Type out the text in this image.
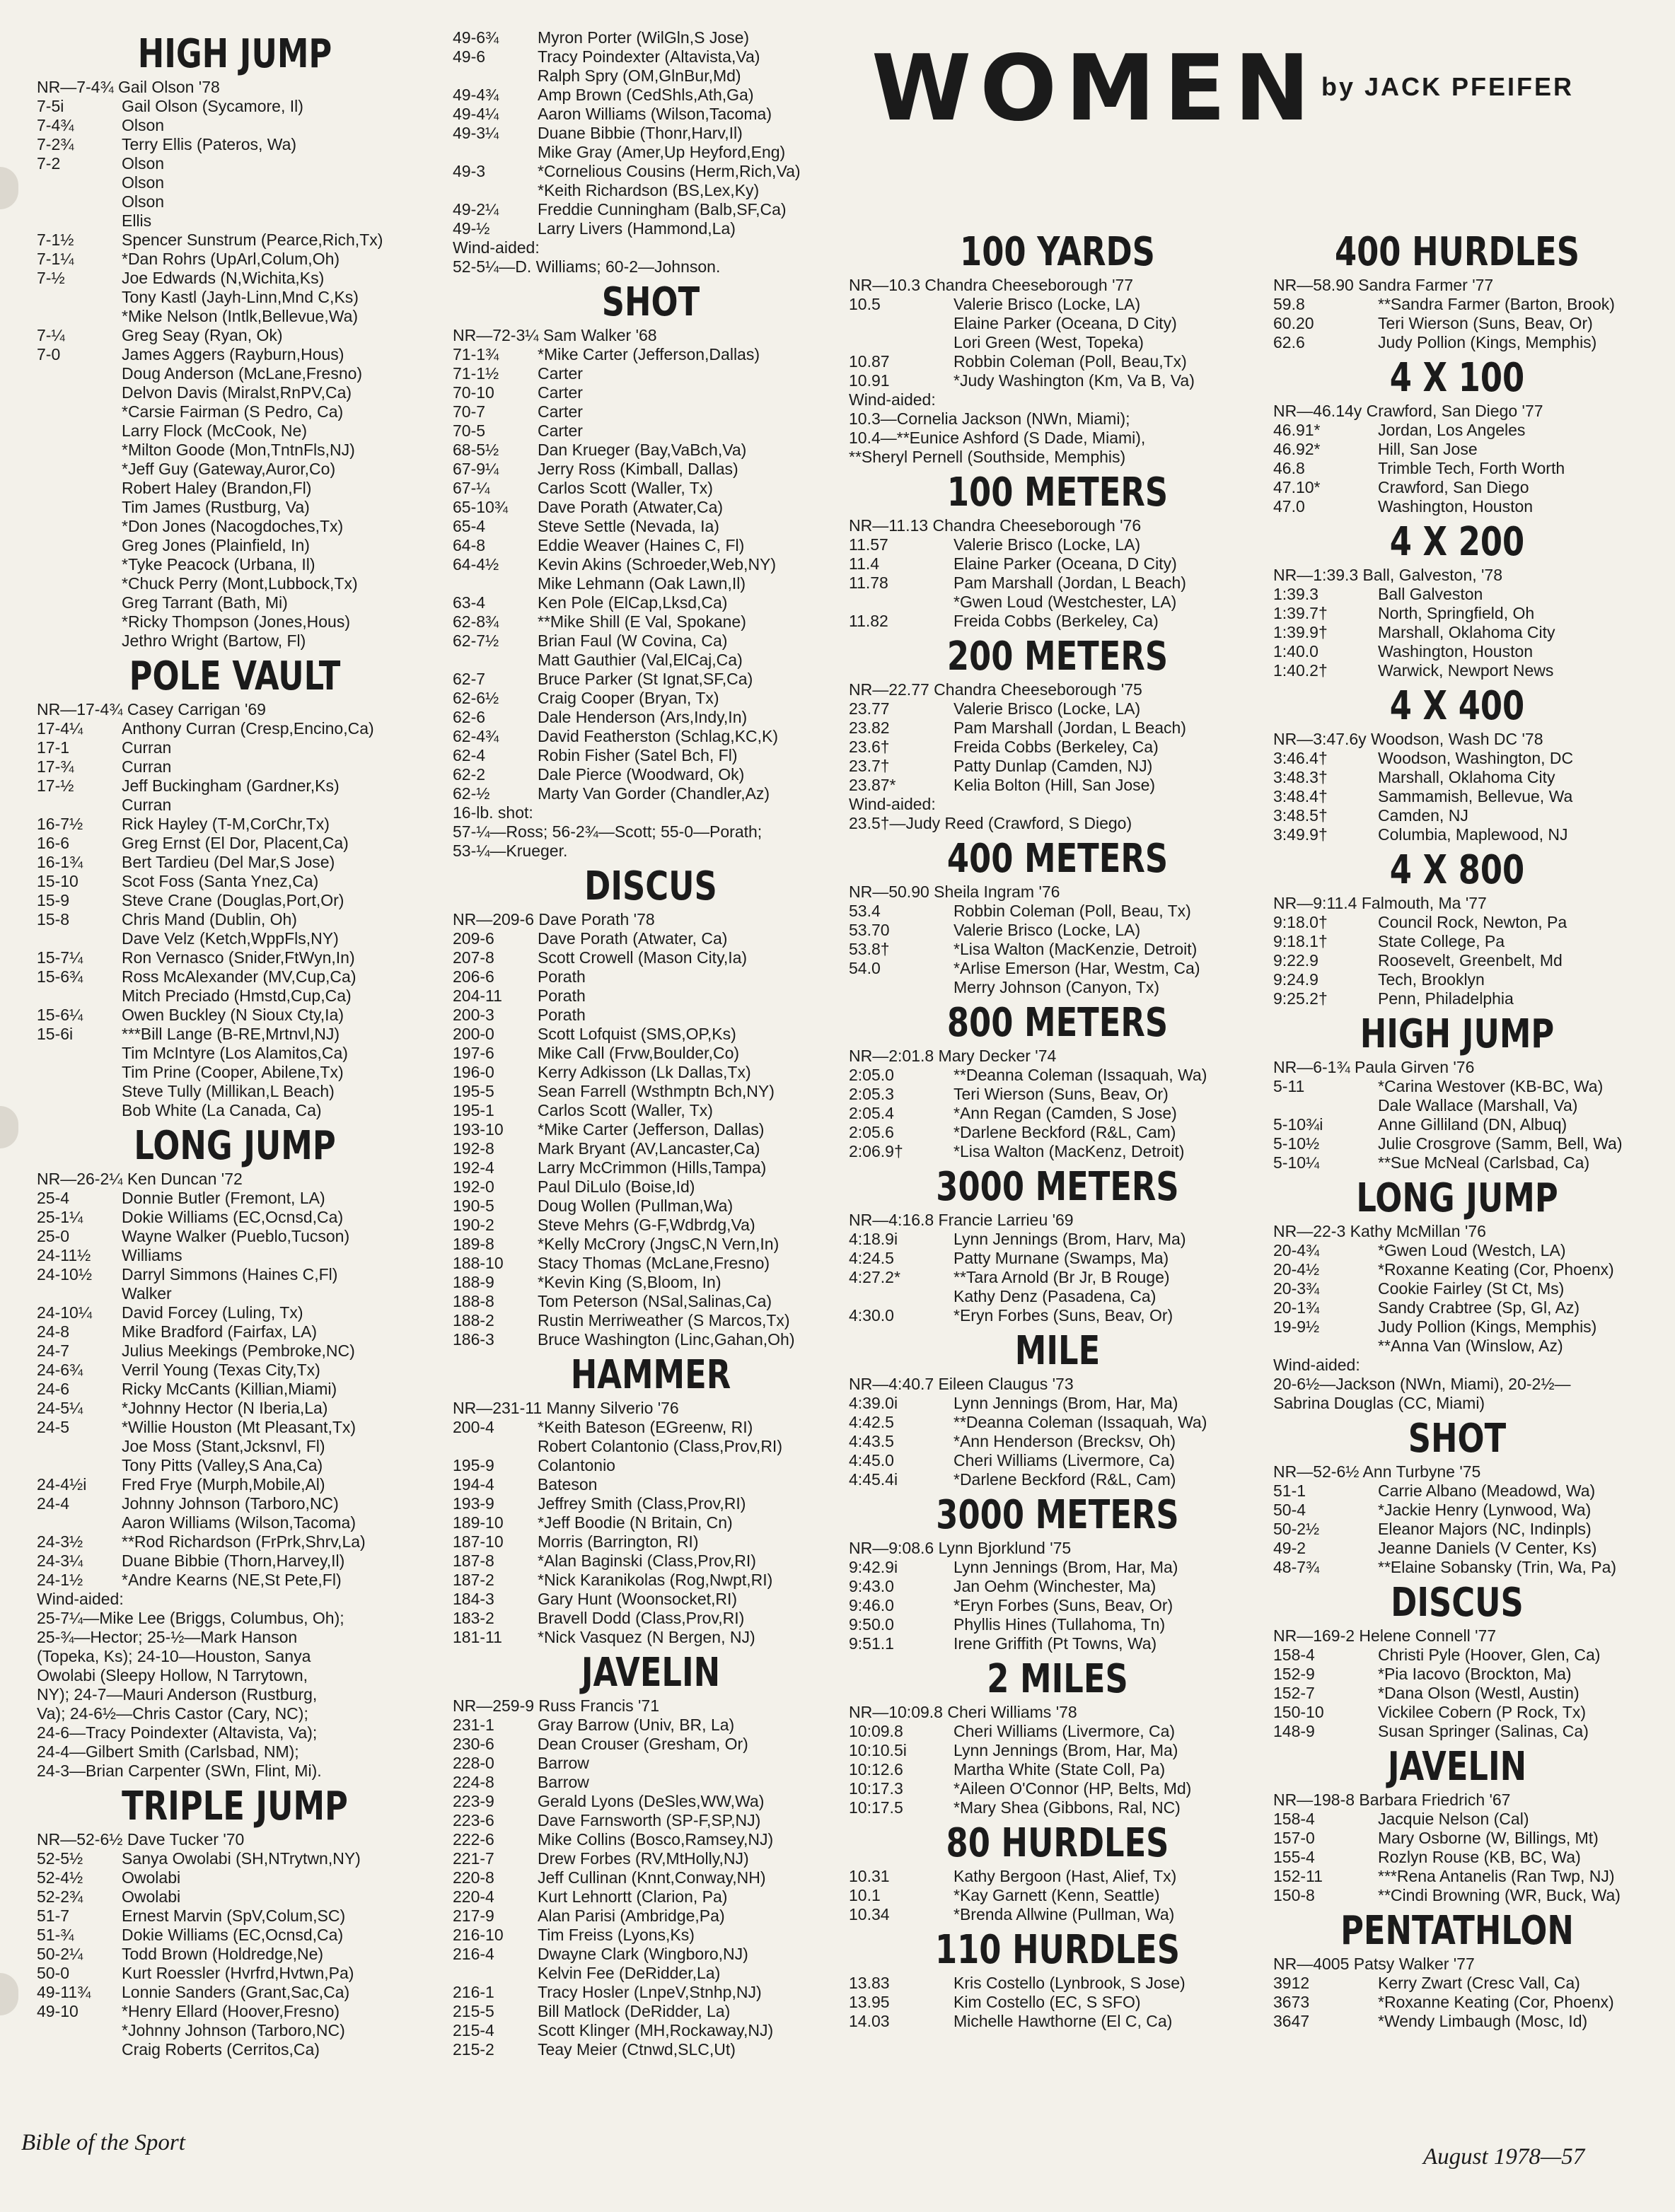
WOMEN by JACK PFEIFER

HIGH JUMP
NR—7-4¾ Gail Olson '78
7-5i	Gail Olson (Sycamore, Il)
7-4¾	Olson
7-2¾	Terry Ellis (Pateros, Wa)
7-2	Olson
Olson
Olson
Ellis
7-1½	Spencer Sunstrum (Pearce,Rich,Tx)
7-1¼	*Dan Rohrs (UpArl,Colum,Oh)
7-½	Joe Edwards (N,Wichita,Ks)
Tony Kastl (Jayh-Linn,Mnd C,Ks)
*Mike Nelson (Intlk,Bellevue,Wa)
7-¼	Greg Seay (Ryan, Ok)
7-0	James Aggers (Rayburn,Hous)
Doug Anderson (McLane,Fresno)
Delvon Davis (Miralst,RnPV,Ca)
*Carsie Fairman (S Pedro, Ca)
Larry Flock (McCook, Ne)
*Milton Goode (Mon,TntnFls,NJ)
*Jeff Guy (Gateway,Auror,Co)
Robert Haley (Brandon,Fl)
Tim James (Rustburg, Va)
*Don Jones (Nacogdoches,Tx)
Greg Jones (Plainfield, In)
*Tyke Peacock (Urbana, Il)
*Chuck Perry (Mont,Lubbock,Tx)
Greg Tarrant (Bath, Mi)
*Ricky Thompson (Jones,Hous)
Jethro Wright (Bartow, Fl)
POLE VAULT
NR—17-4¾ Casey Carrigan '69
17-4¼	Anthony Curran (Cresp,Encino,Ca)
17-1	Curran
17-¾	Curran
17-½	Jeff Buckingham (Gardner,Ks)
Curran
16-7½	Rick Hayley (T-M,CorChr,Tx)
16-6	Greg Ernst (El Dor, Placent,Ca)
16-1¾	Bert Tardieu (Del Mar,S Jose)
15-10	Scot Foss (Santa Ynez,Ca)
15-9	Steve Crane (Douglas,Port,Or)
15-8	Chris Mand (Dublin, Oh)
Dave Velz (Ketch,WppFls,NY)
15-7¼	Ron Vernasco (Snider,FtWyn,In)
15-6¾	Ross McAlexander (MV,Cup,Ca)
Mitch Preciado (Hmstd,Cup,Ca)
15-6¼	Owen Buckley (N Sioux Cty,Ia)
15-6i	***Bill Lange (B-RE,Mrtnvl,NJ)
Tim McIntyre (Los Alamitos,Ca)
Tim Prine (Cooper, Abilene,Tx)
Steve Tully (Millikan,L Beach)
Bob White (La Canada, Ca)
LONG JUMP
NR—26-2¼ Ken Duncan '72
25-4	Donnie Butler (Fremont, LA)
25-1¼	Dokie Williams (EC,Ocnsd,Ca)
25-0	Wayne Walker (Pueblo,Tucson)
24-11½	Williams
24-10½	Darryl Simmons (Haines C,Fl)
Walker
24-10¼	David Forcey (Luling, Tx)
24-8	Mike Bradford (Fairfax, LA)
24-7	Julius Meekings (Pembroke,NC)
24-6¾	Verril Young (Texas City,Tx)
24-6	Ricky McCants (Killian,Miami)
24-5¼	*Johnny Hector (N Iberia,La)
24-5	*Willie Houston (Mt Pleasant,Tx)
Joe Moss (Stant,Jcksnvl, Fl)
Tony Pitts (Valley,S Ana,Ca)
24-4½i	Fred Frye (Murph,Mobile,Al)
24-4	Johnny Johnson (Tarboro,NC)
Aaron Williams (Wilson,Tacoma)
24-3½	**Rod Richardson (FrPrk,Shrv,La)
24-3¼	Duane Bibbie (Thorn,Harvey,Il)
24-1½	*Andre Kearns (NE,St Pete,Fl)
Wind-aided:
25-7¼—Mike Lee (Briggs, Columbus, Oh);
25-¾—Hector; 25-½—Mark Hanson
(Topeka, Ks); 24-10—Houston, Sanya
Owolabi (Sleepy Hollow, N Tarrytown,
NY); 24-7—Mauri Anderson (Rustburg,
Va); 24-6½—Chris Castor (Cary, NC);
24-6—Tracy Poindexter (Altavista, Va);
24-4—Gilbert Smith (Carlsbad, NM);
24-3—Brian Carpenter (SWn, Flint, Mi).
TRIPLE JUMP
NR—52-6½ Dave Tucker '70
52-5½	Sanya Owolabi (SH,NTrytwn,NY)
52-4½	Owolabi
52-2¾	Owolabi
51-7	Ernest Marvin (SpV,Colum,SC)
51-¾	Dokie Williams (EC,Ocnsd,Ca)
50-2¼	Todd Brown (Holdredge,Ne)
50-0	Kurt Roessler (Hvrfrd,Hvtwn,Pa)
49-11¾	Lonnie Sanders (Grant,Sac,Ca)
49-10	*Henry Ellard (Hoover,Fresno)
*Johnny Johnson (Tarboro,NC)
Craig Roberts (Cerritos,Ca)
49-6¾	Myron Porter (WilGln,S Jose)
49-6	Tracy Poindexter (Altavista,Va)
Ralph Spry (OM,GlnBur,Md)
49-4¾	Amp Brown (CedShls,Ath,Ga)
49-4¼	Aaron Williams (Wilson,Tacoma)
49-3¼	Duane Bibbie (Thonr,Harv,Il)
Mike Gray (Amer,Up Heyford,Eng)
49-3	*Cornelious Cousins (Herm,Rich,Va)
*Keith Richardson (BS,Lex,Ky)
49-2¼	Freddie Cunningham (Balb,SF,Ca)
49-½	Larry Livers (Hammond,La)
Wind-aided:
52-5¼—D. Williams; 60-2—Johnson.
SHOT
NR—72-3¼ Sam Walker '68
71-1¾	*Mike Carter (Jefferson,Dallas)
71-1½	Carter
70-10	Carter
70-7	Carter
70-5	Carter
68-5½	Dan Krueger (Bay,VaBch,Va)
67-9¼	Jerry Ross (Kimball, Dallas)
67-¼	Carlos Scott (Waller, Tx)
65-10¾	Dave Porath (Atwater,Ca)
65-4	Steve Settle (Nevada, Ia)
64-8	Eddie Weaver (Haines C, Fl)
64-4½	Kevin Akins (Schroeder,Web,NY)
Mike Lehmann (Oak Lawn,Il)
63-4	Ken Pole (ElCap,Lksd,Ca)
62-8¾	**Mike Shill (E Val, Spokane)
62-7½	Brian Faul (W Covina, Ca)
Matt Gauthier (Val,ElCaj,Ca)
62-7	Bruce Parker (St Ignat,SF,Ca)
62-6½	Craig Cooper (Bryan, Tx)
62-6	Dale Henderson (Ars,Indy,In)
62-4¾	David Featherston (Schlag,KC,K)
62-4	Robin Fisher (Satel Bch, Fl)
62-2	Dale Pierce (Woodward, Ok)
62-½	Marty Van Gorder (Chandler,Az)
16-lb. shot:
57-¼—Ross; 56-2¾—Scott; 55-0—Porath;
53-¼—Krueger.
DISCUS
NR—209-6 Dave Porath '78
209-6	Dave Porath (Atwater, Ca)
207-8	Scott Crowell (Mason City,Ia)
206-6	Porath
204-11	Porath
200-3	Porath
200-0	Scott Lofquist (SMS,OP,Ks)
197-6	Mike Call (Frvw,Boulder,Co)
196-0	Kerry Adkisson (Lk Dallas,Tx)
195-5	Sean Farrell (Wsthmptn Bch,NY)
195-1	Carlos Scott (Waller, Tx)
193-10	*Mike Carter (Jefferson, Dallas)
192-8	Mark Bryant (AV,Lancaster,Ca)
192-4	Larry McCrimmon (Hills,Tampa)
192-0	Paul DiLulo (Boise,Id)
190-5	Doug Wollen (Pullman,Wa)
190-2	Steve Mehrs (G-F,Wdbrdg,Va)
189-8	*Kelly McCrory (JngsC,N Vern,In)
188-10	Stacy Thomas (McLane,Fresno)
188-9	*Kevin King (S,Bloom, In)
188-8	Tom Peterson (NSal,Salinas,Ca)
188-2	Rustin Merriweather (S Marcos,Tx)
186-3	Bruce Washington (Linc,Gahan,Oh)
HAMMER
NR—231-11 Manny Silverio '76
200-4	*Keith Bateson (EGreenw, RI)
Robert Colantonio (Class,Prov,RI)
195-9	Colantonio
194-4	Bateson
193-9	Jeffrey Smith (Class,Prov,RI)
189-10	*Jeff Boodie (N Britain, Cn)
187-10	Morris (Barrington, RI)
187-8	*Alan Baginski (Class,Prov,RI)
187-2	*Nick Karanikolas (Rog,Nwpt,RI)
184-3	Gary Hunt (Woonsocket,RI)
183-2	Bravell Dodd (Class,Prov,RI)
181-11	*Nick Vasquez (N Bergen, NJ)
JAVELIN
NR—259-9 Russ Francis '71
231-1	Gray Barrow (Univ, BR, La)
230-6	Dean Crouser (Gresham, Or)
228-0	Barrow
224-8	Barrow
223-9	Gerald Lyons (DeSles,WW,Wa)
223-6	Dave Farnsworth (SP-F,SP,NJ)
222-6	Mike Collins (Bosco,Ramsey,NJ)
221-7	Drew Forbes (RV,MtHolly,NJ)
220-8	Jeff Cullinan (Knnt,Conway,NH)
220-4	Kurt Lehnortt (Clarion, Pa)
217-9	Alan Parisi (Ambridge,Pa)
216-10	Tim Freiss (Lyons,Ks)
216-4	Dwayne Clark (Wingboro,NJ)
Kelvin Fee (DeRidder,La)
216-1	Tracy Hosler (LnpeV,Stnhp,NJ)
215-5	Bill Matlock (DeRidder, La)
215-4	Scott Klinger (MH,Rockaway,NJ)
215-2	Teay Meier (Ctnwd,SLC,Ut)
100 YARDS
NR—10.3 Chandra Cheeseborough '77
10.5	Valerie Brisco (Locke, LA)
Elaine Parker (Oceana, D City)
Lori Green (West, Topeka)
10.87	Robbin Coleman (Poll, Beau,Tx)
10.91	*Judy Washington (Km, Va B, Va)
Wind-aided:
10.3—Cornelia Jackson (NWn, Miami);
10.4—**Eunice Ashford (S Dade, Miami),
**Sheryl Pernell (Southside, Memphis)
100 METERS
NR—11.13 Chandra Cheeseborough '76
11.57	Valerie Brisco (Locke, LA)
11.4	Elaine Parker (Oceana, D City)
11.78	Pam Marshall (Jordan, L Beach)
*Gwen Loud (Westchester, LA)
11.82	Freida Cobbs (Berkeley, Ca)
200 METERS
NR—22.77 Chandra Cheeseborough '75
23.77	Valerie Brisco (Locke, LA)
23.82	Pam Marshall (Jordan, L Beach)
23.6†	Freida Cobbs (Berkeley, Ca)
23.7†	Patty Dunlap (Camden, NJ)
23.87*	Kelia Bolton (Hill, San Jose)
Wind-aided:
23.5†—Judy Reed (Crawford, S Diego)
400 METERS
NR—50.90 Sheila Ingram '76
53.4	Robbin Coleman (Poll, Beau, Tx)
53.70	Valerie Brisco (Locke, LA)
53.8†	*Lisa Walton (MacKenzie, Detroit)
54.0	*Arlise Emerson (Har, Westm, Ca)
Merry Johnson (Canyon, Tx)
800 METERS
NR—2:01.8 Mary Decker '74
2:05.0	**Deanna Coleman (Issaquah, Wa)
2:05.3	Teri Wierson (Suns, Beav, Or)
2:05.4	*Ann Regan (Camden, S Jose)
2:05.6	*Darlene Beckford (R&L, Cam)
2:06.9†	*Lisa Walton (MacKenz, Detroit)
3000 METERS
NR—4:16.8 Francie Larrieu '69
4:18.9i	Lynn Jennings (Brom, Harv, Ma)
4:24.5	Patty Murnane (Swamps, Ma)
4:27.2*	**Tara Arnold (Br Jr, B Rouge)
Kathy Denz (Pasadena, Ca)
4:30.0	*Eryn Forbes (Suns, Beav, Or)
MILE
NR—4:40.7 Eileen Claugus '73
4:39.0i	Lynn Jennings (Brom, Har, Ma)
4:42.5	**Deanna Coleman (Issaquah, Wa)
4:43.5	*Ann Henderson (Brecksv, Oh)
4:45.0	Cheri Williams (Livermore, Ca)
4:45.4i	*Darlene Beckford (R&L, Cam)
3000 METERS
NR—9:08.6 Lynn Bjorklund '75
9:42.9i	Lynn Jennings (Brom, Har, Ma)
9:43.0	Jan Oehm (Winchester, Ma)
9:46.0	*Eryn Forbes (Suns, Beav, Or)
9:50.0	Phyllis Hines (Tullahoma, Tn)
9:51.1	Irene Griffith (Pt Towns, Wa)
2 MILES
NR—10:09.8 Cheri Williams '78
10:09.8	Cheri Williams (Livermore, Ca)
10:10.5i	Lynn Jennings (Brom, Har, Ma)
10:12.6	Martha White (State Coll, Pa)
10:17.3	*Aileen O'Connor (HP, Belts, Md)
10:17.5	*Mary Shea (Gibbons, Ral, NC)
80 HURDLES
10.31	Kathy Bergoon (Hast, Alief, Tx)
10.1	*Kay Garnett (Kenn, Seattle)
10.34	*Brenda Allwine (Pullman, Wa)
110 HURDLES
13.83	Kris Costello (Lynbrook, S Jose)
13.95	Kim Costello (EC, S SFO)
14.03	Michelle Hawthorne (El C, Ca)
400 HURDLES
NR—58.90 Sandra Farmer '77
59.8	**Sandra Farmer (Barton, Brook)
60.20	Teri Wierson (Suns, Beav, Or)
62.6	Judy Pollion (Kings, Memphis)
4 X 100
NR—46.14y Crawford, San Diego '77
46.91*	Jordan, Los Angeles
46.92*	Hill, San Jose
46.8	Trimble Tech, Forth Worth
47.10*	Crawford, San Diego
47.0	Washington, Houston
4 X 200
NR—1:39.3 Ball, Galveston, '78
1:39.3	Ball Galveston
1:39.7†	North, Springfield, Oh
1:39.9†	Marshall, Oklahoma City
1:40.0	Washington, Houston
1:40.2†	Warwick, Newport News
4 X 400
NR—3:47.6y Woodson, Wash DC '78
3:46.4†	Woodson, Washington, DC
3:48.3†	Marshall, Oklahoma City
3:48.4†	Sammamish, Bellevue, Wa
3:48.5†	Camden, NJ
3:49.9†	Columbia, Maplewood, NJ
4 X 800
NR—9:11.4 Falmouth, Ma '77
9:18.0†	Council Rock, Newton, Pa
9:18.1†	State College, Pa
9:22.9	Roosevelt, Greenbelt, Md
9:24.9	Tech, Brooklyn
9:25.2†	Penn, Philadelphia
HIGH JUMP
NR—6-1¾ Paula Girven '76
5-11	*Carina Westover (KB-BC, Wa)
Dale Wallace (Marshall, Va)
5-10¾i	Anne Gilliland (DN, Albuq)
5-10½	Julie Crosgrove (Samm, Bell, Wa)
5-10¼	**Sue McNeal (Carlsbad, Ca)
LONG JUMP
NR—22-3 Kathy McMillan '76
20-4¾	*Gwen Loud (Westch, LA)
20-4½	*Roxanne Keating (Cor, Phoenx)
20-3¾	Cookie Fairley (St Ct, Ms)
20-1¾	Sandy Crabtree (Sp, Gl, Az)
19-9½	Judy Pollion (Kings, Memphis)
**Anna Van (Winslow, Az)
Wind-aided:
20-6½—Jackson (NWn, Miami), 20-2½—
Sabrina Douglas (CC, Miami)
SHOT
NR—52-6½ Ann Turbyne '75
51-1	Carrie Albano (Meadowd, Wa)
50-4	*Jackie Henry (Lynwood, Wa)
50-2½	Eleanor Majors (NC, Indinpls)
49-2	Jeanne Daniels (V Center, Ks)
48-7¾	**Elaine Sobansky (Trin, Wa, Pa)
DISCUS
NR—169-2 Helene Connell '77
158-4	Christi Pyle (Hoover, Glen, Ca)
152-9	*Pia Iacovo (Brockton, Ma)
152-7	*Dana Olson (Westl, Austin)
150-10	Vickilee Cobern (P Rock, Tx)
148-9	Susan Springer (Salinas, Ca)
JAVELIN
NR—198-8 Barbara Friedrich '67
158-4	Jacquie Nelson (Cal)
157-0	Mary Osborne (W, Billings, Mt)
155-4	Rozlyn Rouse (KB, BC, Wa)
152-11	***Rena Antanelis (Ran Twp, NJ)
150-8	**Cindi Browning (WR, Buck, Wa)
PENTATHLON
NR—4005 Patsy Walker '77
3912	Kerry Zwart (Cresc Vall, Ca)
3673	*Roxanne Keating (Cor, Phoenx)
3647	*Wendy Limbaugh (Mosc, Id)
Bible of the Sport
August 1978—57
